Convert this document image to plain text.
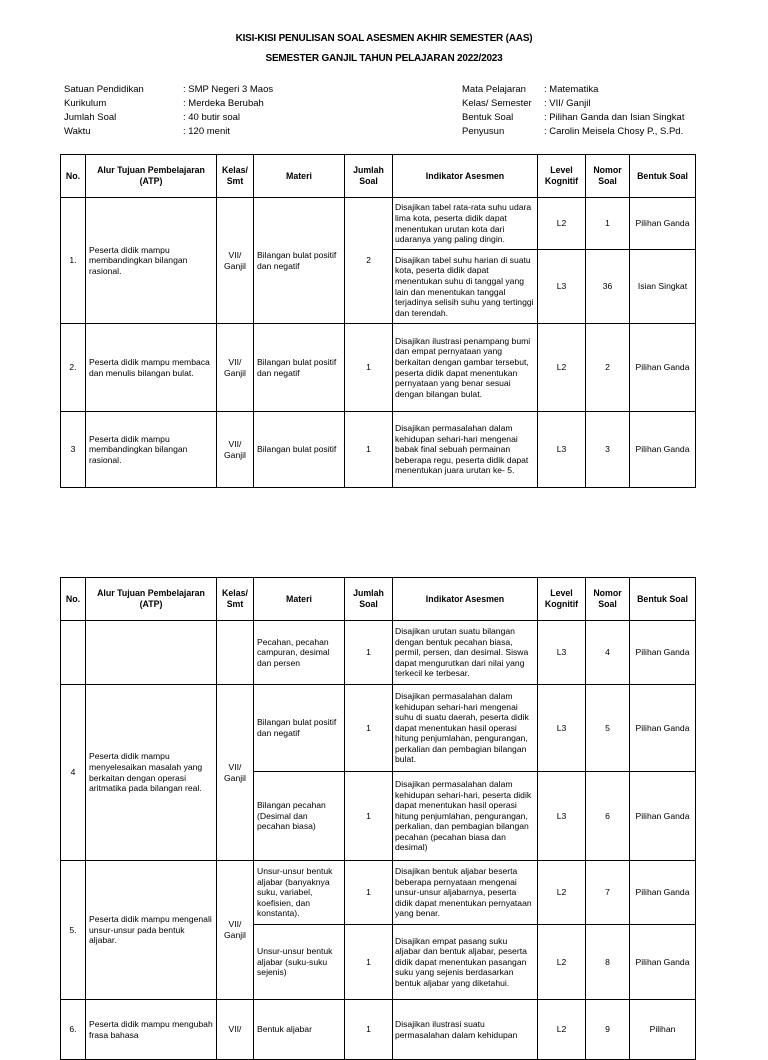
KISI-KISI PENULISAN SOAL ASESMEN AKHIR SEMESTER (AAS)
SEMESTER GANJIL TAHUN PELAJARAN 2022/2023
Satuan Pendidikan	: SMP Negeri 3 Maos
Kurikulum	: Merdeka Berubah
Jumlah Soal	: 40 butir soal
Waktu	: 120 menit
Mata Pelajaran	: Matematika
Kelas/ Semester	: VII/ Ganjil
Bentuk Soal	: Pilihan Ganda dan Isian Singkat
Penyusun	: Carolin Meisela Chosy P., S.Pd.
No.	Alur Tujuan Pembelajaran (ATP)	Kelas/ Smt	Materi	Jumlah Soal	Indikator Asesmen	Level Kognitif	Nomor Soal	Bentuk Soal
1.	Peserta didik mampu membandingkan bilangan rasional.	VII/ Ganjil	Bilangan bulat positif dan negatif	2	Disajikan tabel rata-rata suhu udara lima kota, peserta didik dapat menentukan urutan kota dari udaranya yang paling dingin.	L2	1	Pilihan Ganda
					Disajikan tabel suhu harian di suatu kota, peserta didik dapat menentukan suhu di tanggal yang lain dan menentukan tanggal terjadinya selisih suhu yang tertinggi dan terendah.	L3	36	Isian Singkat
2.	Peserta didik mampu membaca dan menulis bilangan bulat.	VII/ Ganjil	Bilangan bulat positif dan negatif	1	Disajikan ilustrasi penampang bumi dan empat pernyataan yang berkaitan dengan gambar tersebut, peserta didik dapat menentukan pernyataan yang benar sesuai dengan bilangan bulat.	L2	2	Pilihan Ganda
3	Peserta didik mampu membandingkan bilangan rasional.	VII/ Ganjil	Bilangan bulat positif	1	Disajikan permasalahan dalam kehidupan sehari-hari mengenai babak final sebuah permainan beberapa regu, peserta didik dapat menentukan juara urutan ke- 5.	L3	3	Pilihan Ganda
No.	Alur Tujuan Pembelajaran (ATP)	Kelas/ Smt	Materi	Jumlah Soal	Indikator Asesmen	Level Kognitif	Nomor Soal	Bentuk Soal
			Pecahan, pecahan campuran, desimal dan persen	1	Disajikan urutan suatu bilangan dengan bentuk pecahan biasa, permil, persen, dan desimal. Siswa dapat mengurutkan dari nilai yang terkecil ke terbesar.	L3	4	Pilihan Ganda
4	Peserta didik mampu menyelesaikan masalah yang berkaitan dengan operasi aritmatika pada bilangan real.	VII/ Ganjil	Bilangan bulat positif dan negatif	1	Disajikan permasalahan dalam kehidupan sehari-hari mengenai suhu di suatu daerah, peserta didik dapat menentukan hasil operasi hitung penjumlahan, pengurangan, perkalian dan pembagian bilangan bulat.	L3	5	Pilihan Ganda
			Bilangan pecahan (Desimal dan pecahan biasa)	1	Disajikan permasalahan dalam kehidupan sehari-hari, peserta didik dapat menentukan hasil operasi hitung penjumlahan, pengurangan, perkalian, dan pembagian bilangan pecahan (pecahan biasa dan desimal)	L3	6	Pilihan Ganda
5.	Peserta didik mampu mengenali unsur-unsur pada bentuk aljabar.	VII/ Ganjil	Unsur-unsur bentuk aljabar (banyaknya suku, variabel, koefisien, dan konstanta).	1	Disajikan bentuk aljabar beserta beberapa pernyataan mengenai unsur-unsur aljabarnya, peserta didik dapat menentukan pernyataan yang benar.	L2	7	Pilihan Ganda
			Unsur-unsur bentuk aljabar (suku-suku sejenis)	1	Disajikan empat pasang suku aljabar dan bentuk aljabar, peserta didik dapat menentukan pasangan suku yang sejenis berdasarkan bentuk aljabar yang diketahui.	L2	8	Pilihan Ganda
6.	Peserta didik mampu mengubah frasa bahasa	VII/	Bentuk aljabar	1	Disajikan ilustrasi suatu permasalahan dalam kehidupan	L2	9	Pilihan
